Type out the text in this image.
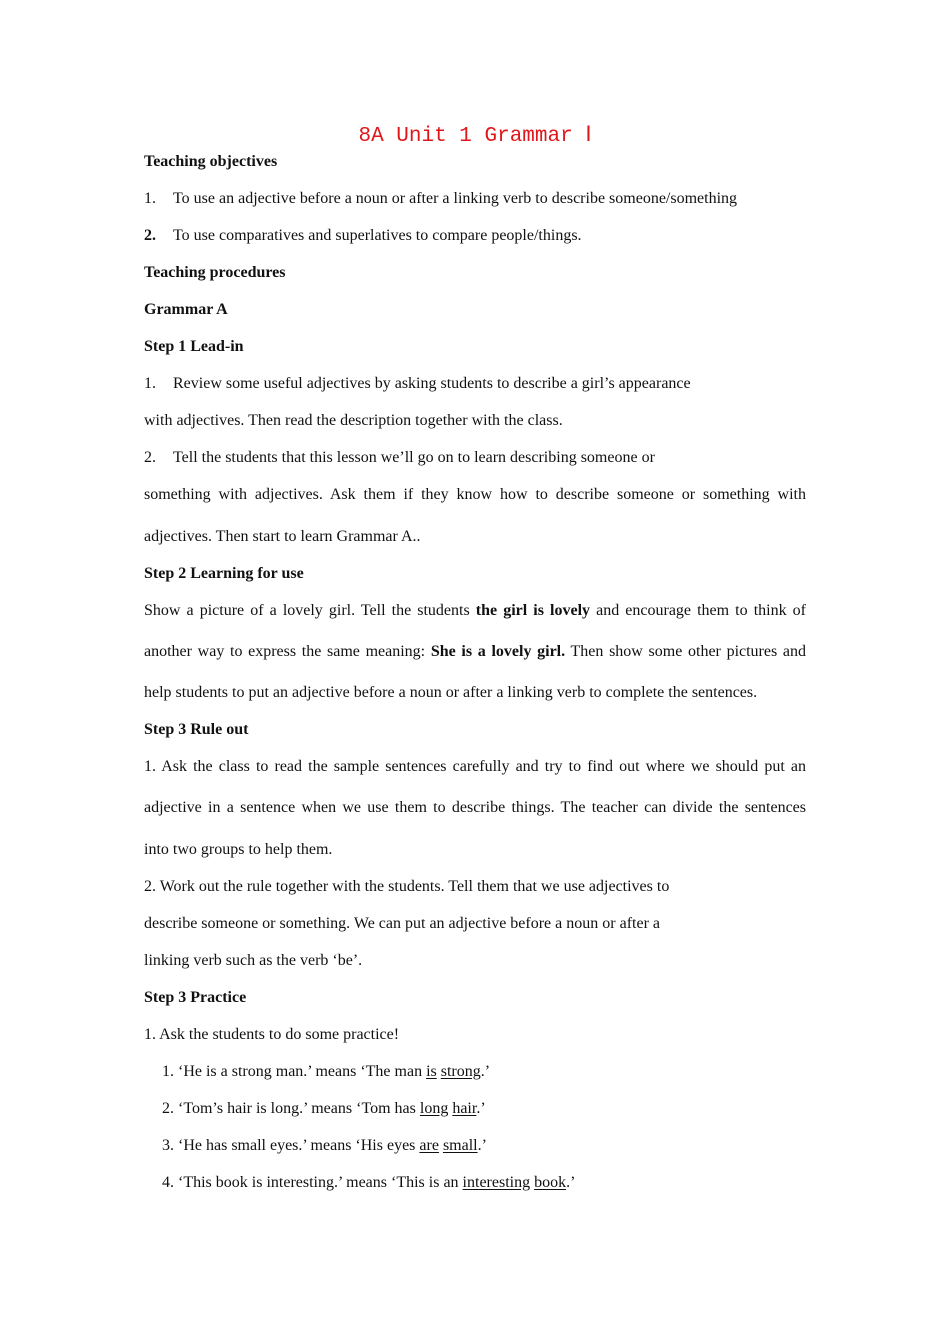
8A Unit 1 Grammar Ⅰ
Teaching objectives
1. To use an adjective before a noun or after a linking verb to describe someone/something
2. To use comparatives and superlatives to compare people/things.
Teaching procedures
Grammar A
Step 1 Lead-in
1. Review some useful adjectives by asking students to describe a girl’s appearance
with adjectives. Then read the description together with the class.
2. Tell the students that this lesson we’ll go on to learn describing someone or
something with adjectives. Ask them if they know how to describe someone or something with
adjectives. Then start to learn Grammar A..
Step 2 Learning for use
Show a picture of a lovely girl. Tell the students the girl is lovely and encourage them to think of
another way to express the same meaning: She is a lovely girl. Then show some other pictures and
help students to put an adjective before a noun or after a linking verb to complete the sentences.
Step 3 Rule out
1. Ask the class to read the sample sentences carefully and try to find out where we should put an
adjective in a sentence when we use them to describe things. The teacher can divide the sentences
into two groups to help them.
2. Work out the rule together with the students. Tell them that we use adjectives to
describe someone or something. We can put an adjective before a noun or after a
linking verb such as the verb ‘be’.
Step 3 Practice
1. Ask the students to do some practice!
1. ‘He is a strong man.’ means ‘The man is strong.’
2. ‘Tom’s hair is long.’ means ‘Tom has long hair.’
3. ‘He has small eyes.’ means ‘His eyes are small.’
4. ‘This book is interesting.’ means ‘This is an interesting book.’
